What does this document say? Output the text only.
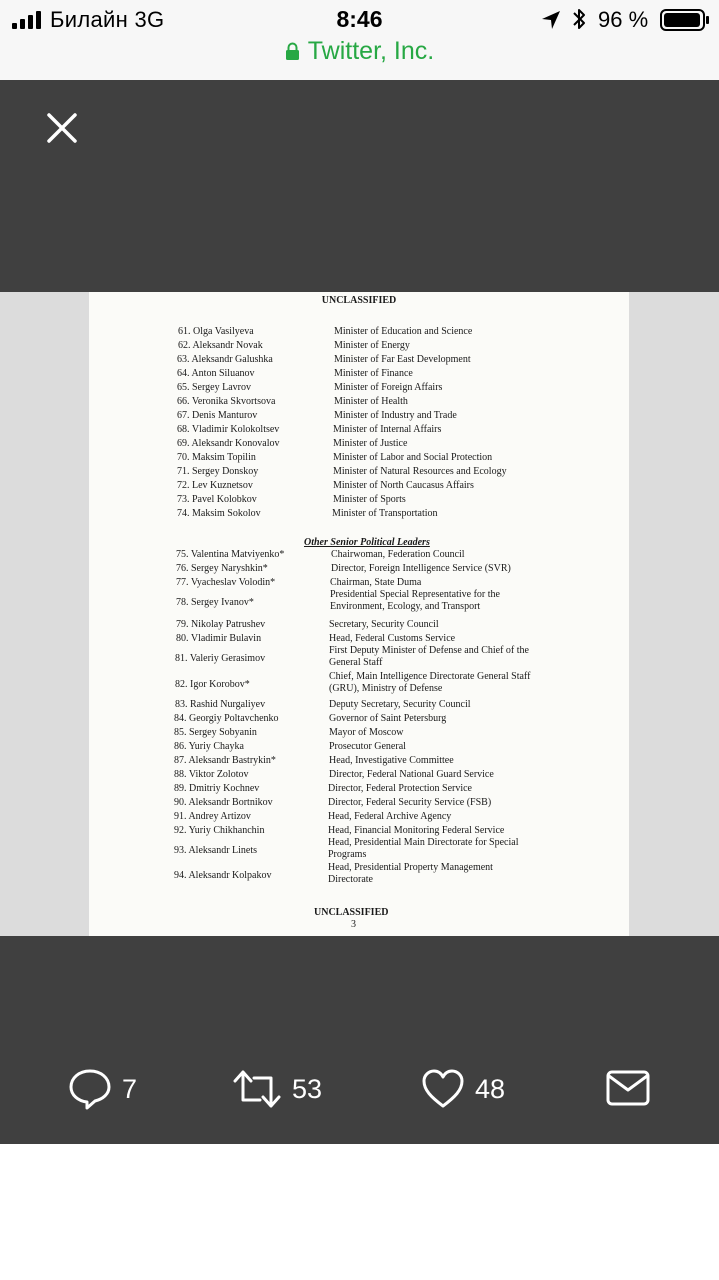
Билайн 3G	8:46	96 %
Twitter, Inc.
UNCLASSIFIED
61. Olga Vasilyeva	Minister of Education and Science
62. Aleksandr Novak	Minister of Energy
63. Aleksandr Galushka	Minister of Far East Development
64. Anton Siluanov	Minister of Finance
65. Sergey Lavrov	Minister of Foreign Affairs
66. Veronika Skvortsova	Minister of Health
67. Denis Manturov	Minister of Industry and Trade
68. Vladimir Kolokoltsev	Minister of Internal Affairs
69. Aleksandr Konovalov	Minister of Justice
70. Maksim Topilin	Minister of Labor and Social Protection
71. Sergey Donskoy	Minister of Natural Resources and Ecology
72. Lev Kuznetsov	Minister of North Caucasus Affairs
73. Pavel Kolobkov	Minister of Sports
74. Maksim Sokolov	Minister of Transportation
75. Valentina Matviyenko*	Chairwoman, Federation Council
76. Sergey Naryshkin*	Director, Foreign Intelligence Service (SVR)
77. Vyacheslav Volodin*	Chairman, State Duma
78. Sergey Ivanov*
Presidential Special Representative for the Environment, Ecology, and Transport
79. Nikolay Patrushev	Secretary, Security Council
80. Vladimir Bulavin	Head, Federal Customs Service
81. Valeriy Gerasimov
First Deputy Minister of Defense and Chief of the General Staff
82. Igor Korobov*
Chief, Main Intelligence Directorate General Staff (GRU), Ministry of Defense
83. Rashid Nurgaliyev	Deputy Secretary, Security Council
84. Georgiy Poltavchenko	Governor of Saint Petersburg
85. Sergey Sobyanin	Mayor of Moscow
86. Yuriy Chayka	Prosecutor General
87. Aleksandr Bastrykin*	Head, Investigative Committee
88. Viktor Zolotov	Director, Federal National Guard Service
89. Dmitriy Kochnev	Director, Federal Protection Service
90. Aleksandr Bortnikov	Director, Federal Security Service (FSB)
91. Andrey Artizov	Head, Federal Archive Agency
92. Yuriy Chikhanchin	Head, Financial Monitoring Federal Service
93. Aleksandr Linets
Head, Presidential Main Directorate for Special Programs
94. Aleksandr Kolpakov
Head, Presidential Property Management Directorate
Other Senior Political Leaders
UNCLASSIFIED
3
7	53	48
